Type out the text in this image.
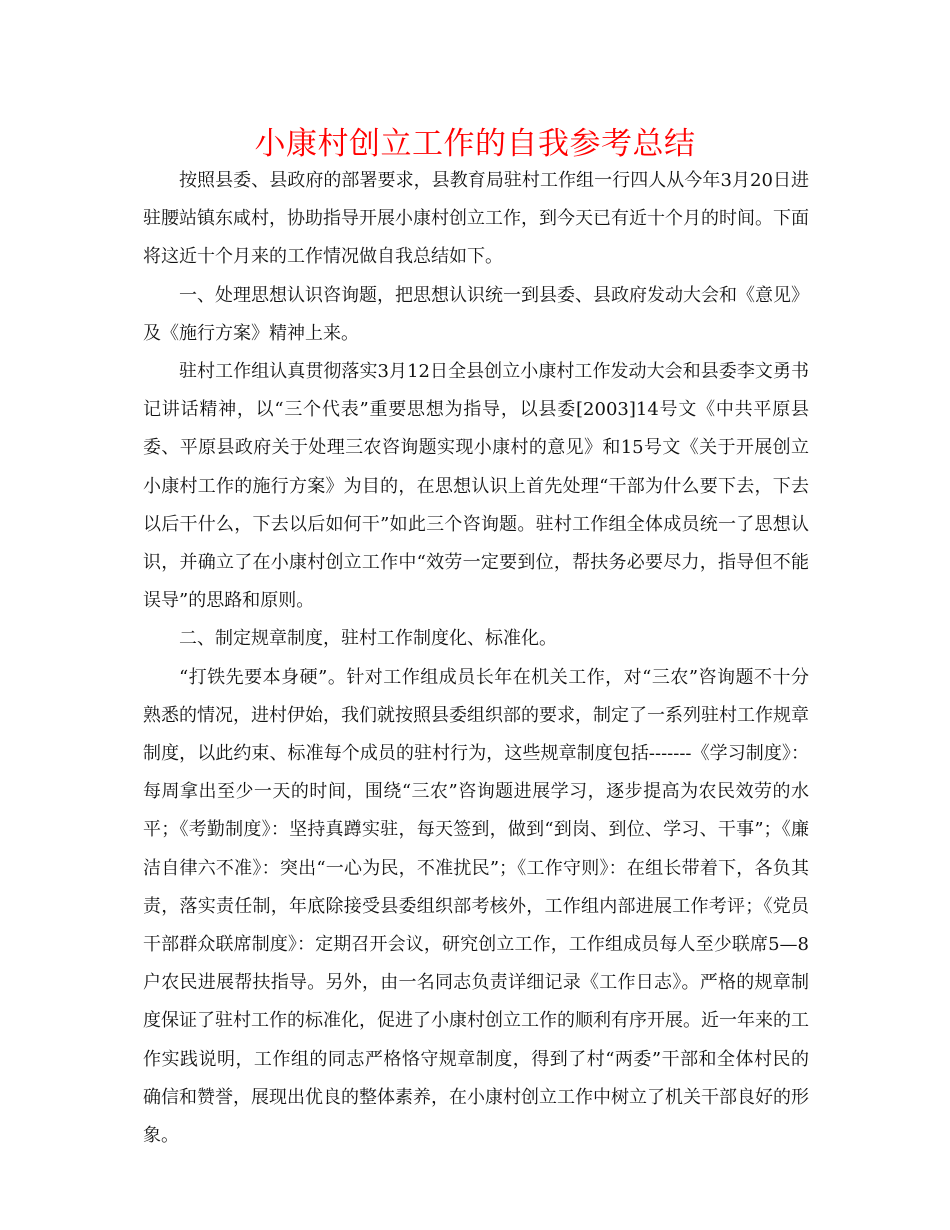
小康村创立工作的自我参考总结

按照县委、县政府的部署要求，县教育局驻村工作组一行四人从今年3月20日进驻腰站镇东咸村，协助指导开展小康村创立工作，到今天已有近十个月的时间。下面将这近十个月来的工作情况做自我总结如下。

一、处理思想认识咨询题，把思想认识统一到县委、县政府发动大会和《意见》及《施行方案》精神上来。

驻村工作组认真贯彻落实3月12日全县创立小康村工作发动大会和县委李文勇书记讲话精神，以“三个代表”重要思想为指导，以县委[2003]14号文《中共平原县委、平原县政府关于处理三农咨询题实现小康村的意见》和15号文《关于开展创立小康村工作的施行方案》为目的，在思想认识上首先处理“干部为什么要下去，下去以后干什么，下去以后如何干”如此三个咨询题。驻村工作组全体成员统一了思想认识，并确立了在小康村创立工作中“效劳一定要到位，帮扶务必要尽力，指导但不能误导”的思路和原则。

二、制定规章制度，驻村工作制度化、标准化。

“打铁先要本身硬”。针对工作组成员长年在机关工作，对“三农”咨询题不十分熟悉的情况，进村伊始，我们就按照县委组织部的要求，制定了一系列驻村工作规章制度，以此约束、标准每个成员的驻村行为，这些规章制度包括-------《学习制度》：每周拿出至少一天的时间，围绕“三农”咨询题进展学习，逐步提高为农民效劳的水平；《考勤制度》：坚持真蹲实驻，每天签到，做到“到岗、到位、学习、干事”；《廉洁自律六不准》：突出“一心为民，不准扰民”；《工作守则》：在组长带着下，各负其责，落实责任制，年底除接受县委组织部考核外，工作组内部进展工作考评；《党员干部群众联席制度》：定期召开会议，研究创立工作，工作组成员每人至少联席5—8户农民进展帮扶指导。另外，由一名同志负责详细记录《工作日志》。严格的规章制度保证了驻村工作的标准化，促进了小康村创立工作的顺利有序开展。近一年来的工作实践说明，工作组的同志严格恪守规章制度，得到了村“两委”干部和全体村民的确信和赞誉，展现出优良的整体素养，在小康村创立工作中树立了机关干部良好的形象。
